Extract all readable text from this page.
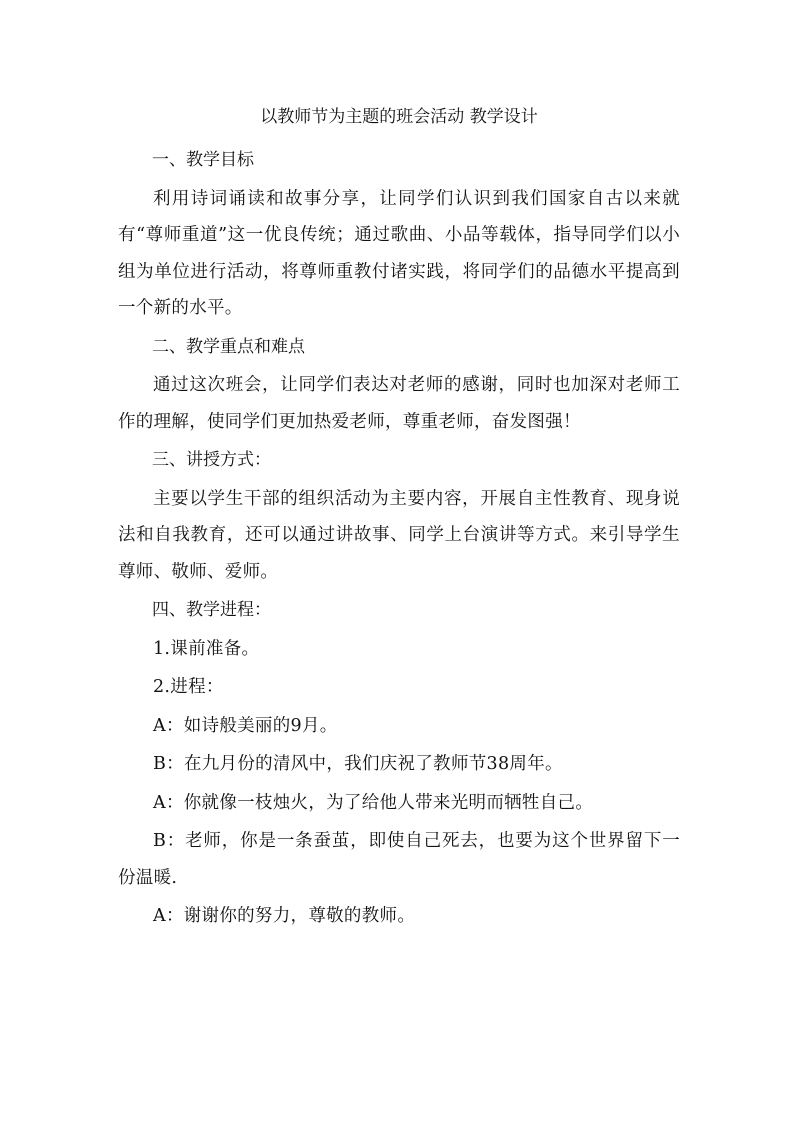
以教师节为主题的班会活动 教学设计

一、教学目标

利用诗词诵读和故事分享，让同学们认识到我们国家自古以来就有“尊师重道”这一优良传统；通过歌曲、小品等载体，指导同学们以小组为单位进行活动，将尊师重教付诸实践，将同学们的品德水平提高到一个新的水平。

二、教学重点和难点

通过这次班会，让同学们表达对老师的感谢，同时也加深对老师工作的理解，使同学们更加热爱老师，尊重老师，奋发图强！

三、讲授方式：

主要以学生干部的组织活动为主要内容，开展自主性教育、现身说法和自我教育，还可以通过讲故事、同学上台演讲等方式。来引导学生尊师、敬师、爱师。

四、教学进程：

1.课前准备。

2.进程：

A：如诗般美丽的9月。

B：在九月份的清风中，我们庆祝了教师节38周年。

A：你就像一枝烛火，为了给他人带来光明而牺牲自己。

B：老师，你是一条蚕茧，即使自己死去，也要为这个世界留下一份温暖.

A：谢谢你的努力，尊敬的教师。
